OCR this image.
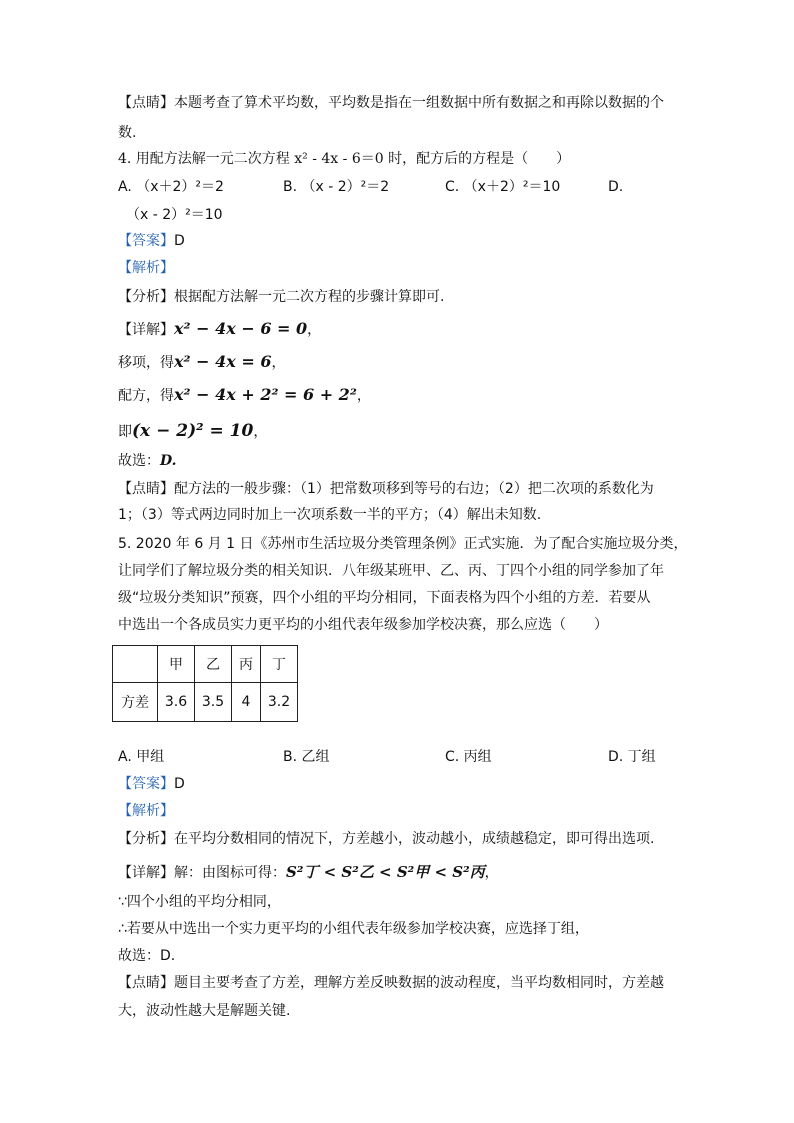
【点睛】本题考查了算术平均数，平均数是指在一组数据中所有数据之和再除以数据的个
数.
4. 用配方法解一元二次方程 x² - 4x - 6＝0 时，配方后的方程是（　　）
A. （x＋2）²＝2	B. （x - 2）²＝2	C. （x＋2）²＝10	D.
（x - 2）²＝10
【答案】D
【解析】
【分析】根据配方法解一元二次方程的步骤计算即可.
【详解】x² − 4x − 6 = 0，
移项，得x² − 4x = 6，
配方，得x² − 4x + 2² = 6 + 2²，
即(x − 2)² = 10，
故选：D.
【点睛】配方法的一般步骤：（1）把常数项移到等号的右边；（2）把二次项的系数化为
1；（3）等式两边同时加上一次项系数一半的平方；（4）解出未知数.
5. 2020 年 6 月 1 日《苏州市生活垃圾分类管理条例》正式实施．为了配合实施垃圾分类，
让同学们了解垃圾分类的相关知识．八年级某班甲、乙、丙、丁四个小组的同学参加了年
级“垃圾分类知识”预赛，四个小组的平均分相同，下面表格为四个小组的方差．若要从
中选出一个各成员实力更平均的小组代表年级参加学校决赛，那么应选（　　）
	甲	乙	丙	丁
方差	3.6	3.5	4	3.2
A. 甲组	B. 乙组	C. 丙组	D. 丁组
【答案】D
【解析】
【分析】在平均分数相同的情况下，方差越小，波动越小，成绩越稳定，即可得出选项.
【详解】解：由图标可得：S²丁 < S²乙 < S²甲 < S²丙，
∵四个小组的平均分相同，
∴若要从中选出一个实力更平均的小组代表年级参加学校决赛，应选择丁组，
故选：D.
【点睛】题目主要考查了方差，理解方差反映数据的波动程度，当平均数相同时，方差越
大，波动性越大是解题关键.
